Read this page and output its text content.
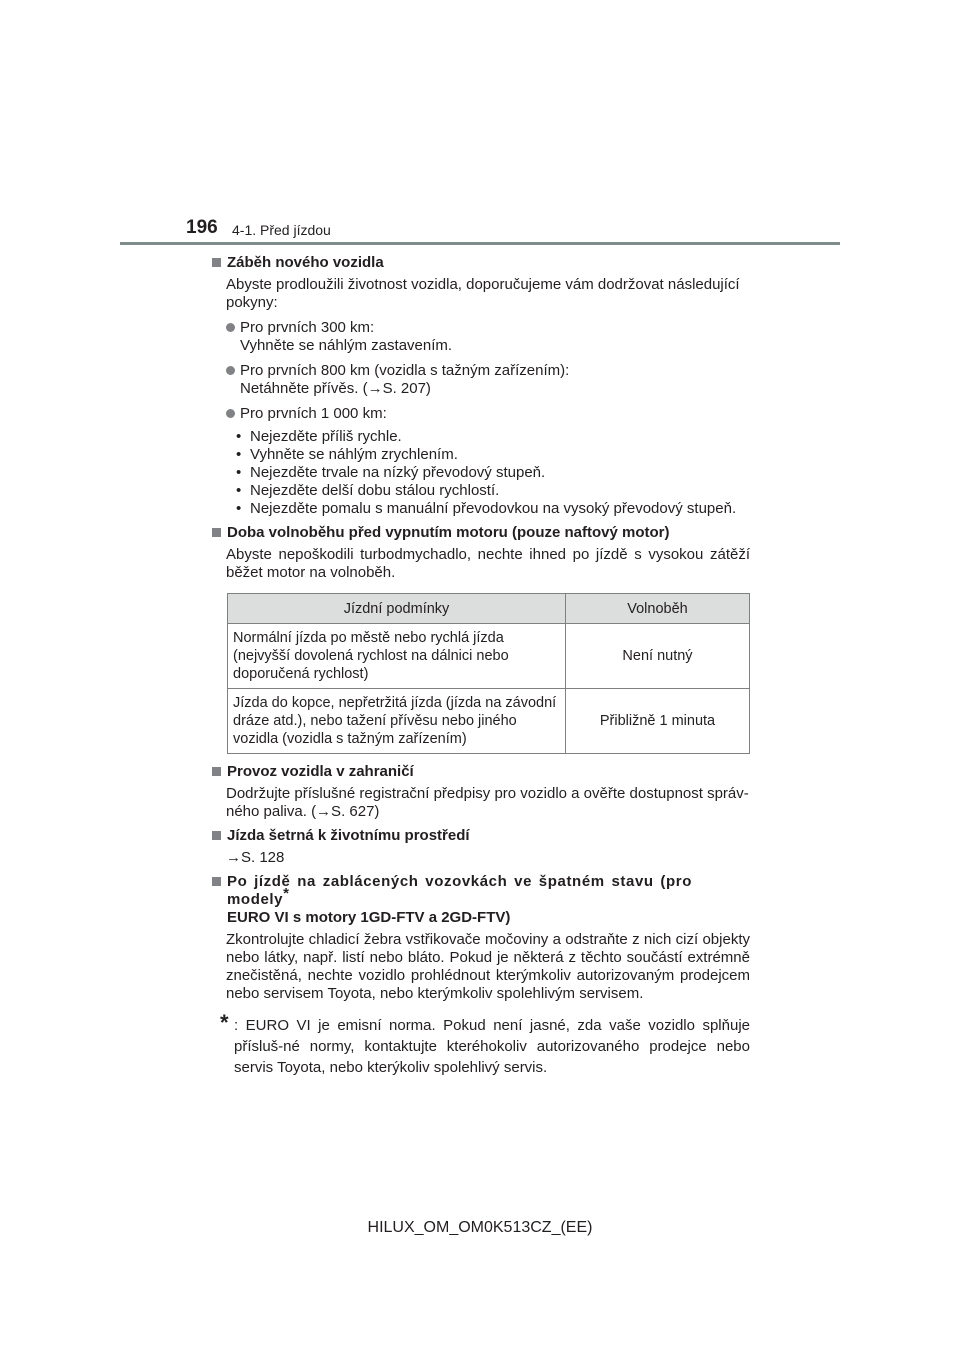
196 4-1. Před jízdou
Záběh nového vozidla
Abyste prodloužili životnost vozidla, doporučujeme vám dodržovat následující pokyny:
Pro prvních 300 km:
Vyhněte se náhlým zastavením.
Pro prvních 800 km (vozidla s tažným zařízením):
Netáhněte přívěs. (→S. 207)
Pro prvních 1 000 km:
• Nejezděte příliš rychle.
• Vyhněte se náhlým zrychlením.
• Nejezděte trvale na nízký převodový stupeň.
• Nejezděte delší dobu stálou rychlostí.
• Nejezděte pomalu s manuální převodovkou na vysoký převodový stupeň.
Doba volnoběhu před vypnutím motoru (pouze naftový motor)
Abyste nepoškodili turbodmychadlo, nechte ihned po jízdě s vysokou zátěží běžet motor na volnoběh.
Jízdní podmínky	Volnoběh
Normální jízda po městě nebo rychlá jízda (nejvyšší dovolená rychlost na dálnici nebo doporučená rychlost)	Není nutný
Jízda do kopce, nepřetržitá jízda (jízda na závodní dráze atd.), nebo tažení přívěsu nebo jiného vozidla (vozidla s tažným zařízením)	Přibližně 1 minuta
Provoz vozidla v zahraničí
Dodržujte příslušné registrační předpisy pro vozidlo a ověřte dostupnost správ-ného paliva. (→S. 627)
Jízda šetrná k životnímu prostředí
→S. 128
Po jízdě na zablácených vozovkách ve špatném stavu (pro modely*
EURO VI s motory 1GD-FTV a 2GD-FTV)
Zkontrolujte chladicí žebra vstřikovače močoviny a odstraňte z nich cizí objekty nebo látky, např. listí nebo bláto. Pokud je některá z těchto součástí extrémně znečistěná, nechte vozidlo prohlédnout kterýmkoliv autorizovaným prodejcem nebo servisem Toyota, nebo kterýmkoliv spolehlivým servisem.
* : EURO VI je emisní norma. Pokud není jasné, zda vaše vozidlo splňuje přísluš-né normy, kontaktujte kteréhokoliv autorizovaného prodejce nebo servis Toyota, nebo kterýkoliv spolehlivý servis.
HILUX_OM_OM0K513CZ_(EE)
